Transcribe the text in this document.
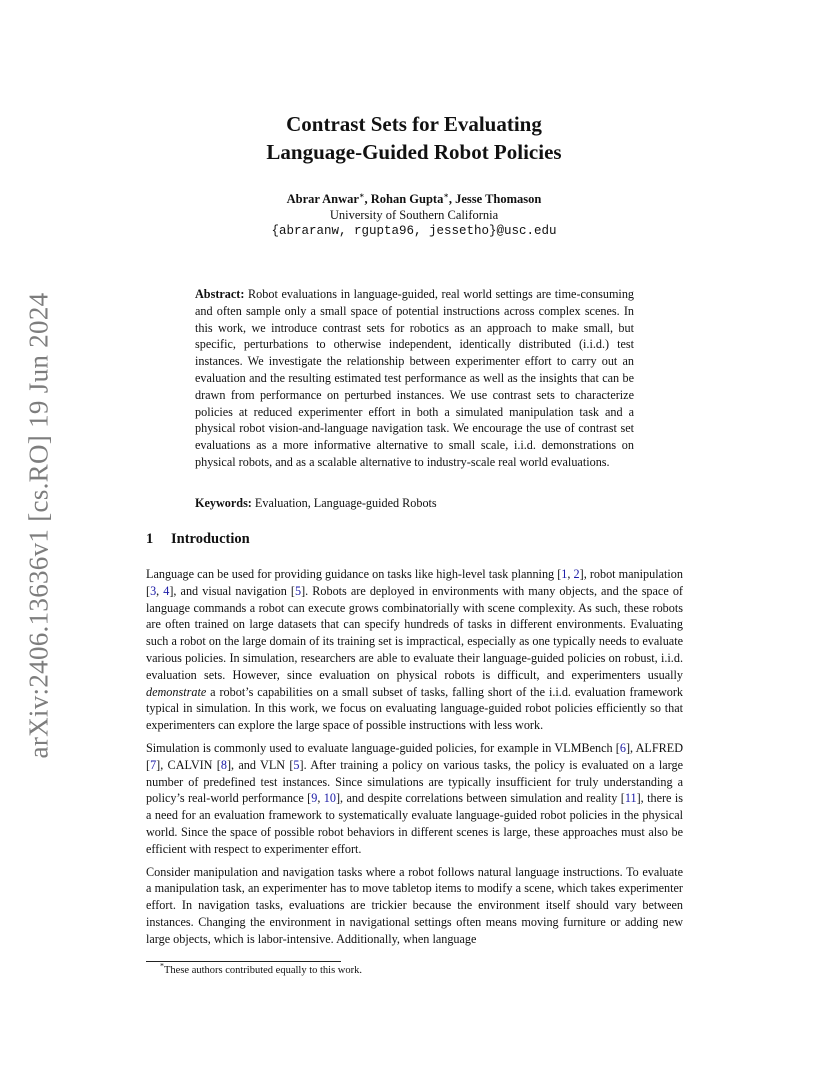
arXiv:2406.13636v1 [cs.RO] 19 Jun 2024
Contrast Sets for Evaluating
Language-Guided Robot Policies
Abrar Anwar∗, Rohan Gupta∗, Jesse Thomason
University of Southern California
{abraranw, rgupta96, jessetho}@usc.edu
Abstract: Robot evaluations in language-guided, real world settings are time-consuming and often sample only a small space of potential instructions across complex scenes. In this work, we introduce contrast sets for robotics as an approach to make small, but specific, perturbations to otherwise independent, identically distributed (i.i.d.) test instances. We investigate the relationship between experimenter effort to carry out an evaluation and the resulting estimated test performance as well as the insights that can be drawn from performance on perturbed instances. We use contrast sets to characterize policies at reduced experimenter effort in both a simulated manipulation task and a physical robot vision-and-language navigation task. We encourage the use of contrast set evaluations as a more informative alternative to small scale, i.i.d. demonstrations on physical robots, and as a scalable alternative to industry-scale real world evaluations.
Keywords: Evaluation, Language-guided Robots
1 Introduction

Language can be used for providing guidance on tasks like high-level task planning [1, 2], robot manipulation [3, 4], and visual navigation [5]. Robots are deployed in environments with many objects, and the space of language commands a robot can execute grows combinatorially with scene complexity. As such, these robots are often trained on large datasets that can specify hundreds of tasks in different environments. Evaluating such a robot on the large domain of its training set is impractical, especially as one typically needs to evaluate various policies. In simulation, researchers are able to evaluate their language-guided policies on robust, i.i.d. evaluation sets. However, since evaluation on physical robots is difficult, and experimenters usually demonstrate a robot’s capabilities on a small subset of tasks, falling short of the i.i.d. evaluation framework typical in simulation. In this work, we focus on evaluating language-guided robot policies efficiently so that experimenters can explore the large space of possible instructions with less work.

Simulation is commonly used to evaluate language-guided policies, for example in VLMBench [6], ALFRED [7], CALVIN [8], and VLN [5]. After training a policy on various tasks, the policy is evaluated on a large number of predefined test instances. Since simulations are typically insufficient for truly understanding a policy’s real-world performance [9, 10], and despite correlations between simulation and reality [11], there is a need for an evaluation framework to systematically evaluate language-guided robot policies in the physical world. Since the space of possible robot behaviors in different scenes is large, these approaches must also be efficient with respect to experimenter effort.

Consider manipulation and navigation tasks where a robot follows natural language instructions. To evaluate a manipulation task, an experimenter has to move tabletop items to modify a scene, which takes experimenter effort. In navigation tasks, evaluations are trickier because the environment itself should vary between instances. Changing the environment in navigational settings often means moving furniture or adding new large objects, which is labor-intensive. Additionally, when language

*These authors contributed equally to this work.
